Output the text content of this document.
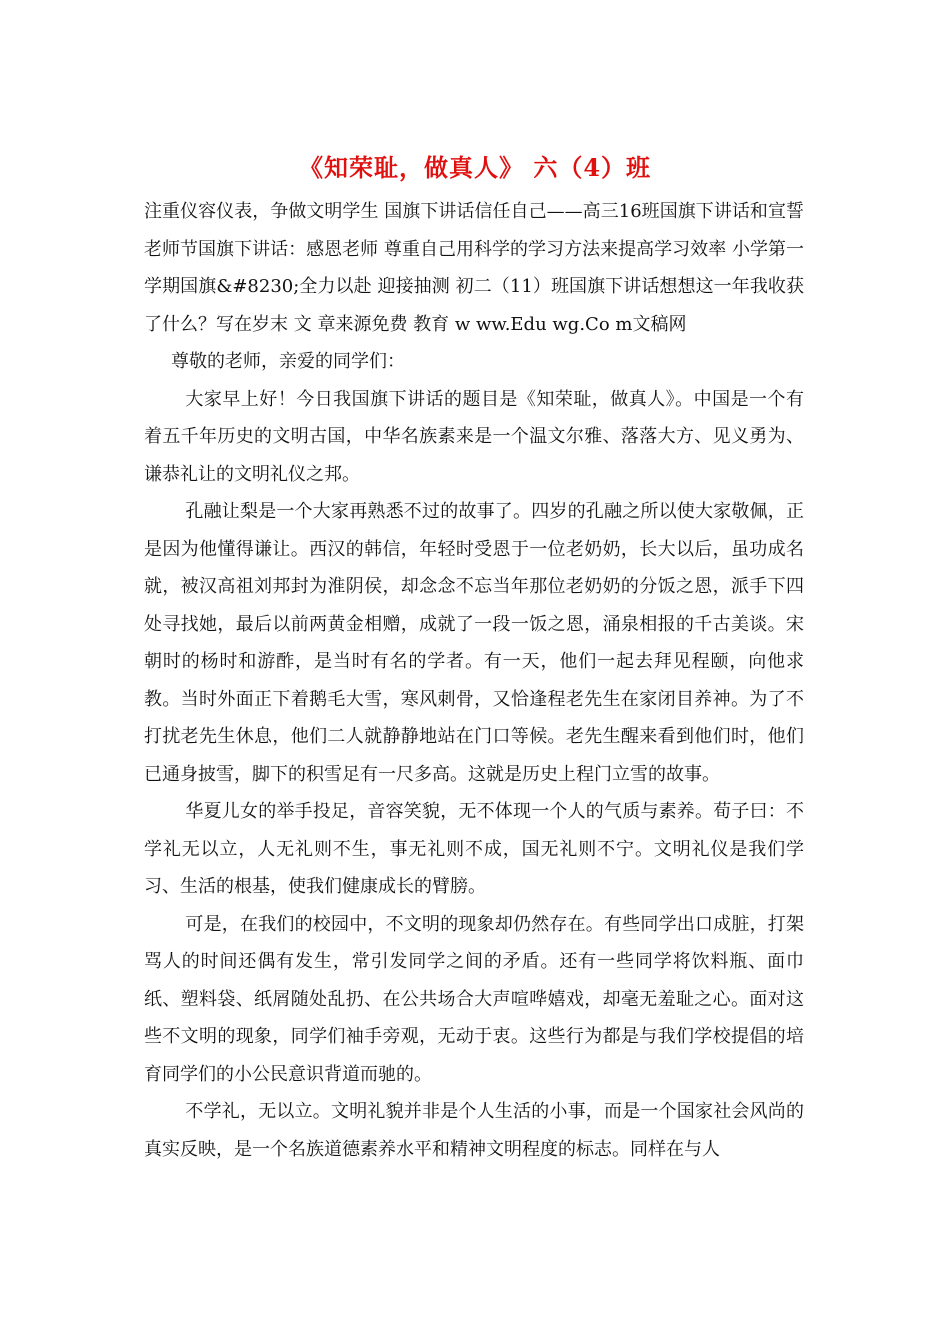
《知荣耻，做真人》 六（4）班

注重仪容仪表，争做文明学生 国旗下讲话信任自己——高三16班国旗下讲话和宣誓老师节国旗下讲话：感恩老师 尊重自己用科学的学习方法来提高学习效率 小学第一学期国旗&#8230;全力以赴 迎接抽测 初二（11）班国旗下讲话想想这一年我收获了什么？写在岁末 文 章来源免费 教育 w ww.Edu wg.Co m文稿网

尊敬的老师，亲爱的同学们：

大家早上好！今日我国旗下讲话的题目是《知荣耻，做真人》。中国是一个有着五千年历史的文明古国，中华名族素来是一个温文尔雅、落落大方、见义勇为、谦恭礼让的文明礼仪之邦。

孔融让梨是一个大家再熟悉不过的故事了。四岁的孔融之所以使大家敬佩，正是因为他懂得谦让。西汉的韩信，年轻时受恩于一位老奶奶，长大以后，虽功成名就，被汉高祖刘邦封为淮阴侯，却念念不忘当年那位老奶奶的分饭之恩，派手下四处寻找她，最后以前两黄金相赠，成就了一段一饭之恩，涌泉相报的千古美谈。宋朝时的杨时和游酢，是当时有名的学者。有一天，他们一起去拜见程颐，向他求教。当时外面正下着鹅毛大雪，寒风刺骨，又恰逢程老先生在家闭目养神。为了不打扰老先生休息，他们二人就静静地站在门口等候。老先生醒来看到他们时，他们已通身披雪，脚下的积雪足有一尺多高。这就是历史上程门立雪的故事。

华夏儿女的举手投足，音容笑貌，无不体现一个人的气质与素养。荀子曰：不学礼无以立，人无礼则不生，事无礼则不成，国无礼则不宁。文明礼仪是我们学习、生活的根基，使我们健康成长的臂膀。

可是，在我们的校园中，不文明的现象却仍然存在。有些同学出口成脏，打架骂人的时间还偶有发生，常引发同学之间的矛盾。还有一些同学将饮料瓶、面巾纸、塑料袋、纸屑随处乱扔、在公共场合大声喧哗嬉戏，却毫无羞耻之心。面对这些不文明的现象，同学们袖手旁观，无动于衷。这些行为都是与我们学校提倡的培育同学们的小公民意识背道而驰的。

不学礼，无以立。文明礼貌并非是个人生活的小事，而是一个国家社会风尚的真实反映，是一个名族道德素养水平和精神文明程度的标志。同样在与人
